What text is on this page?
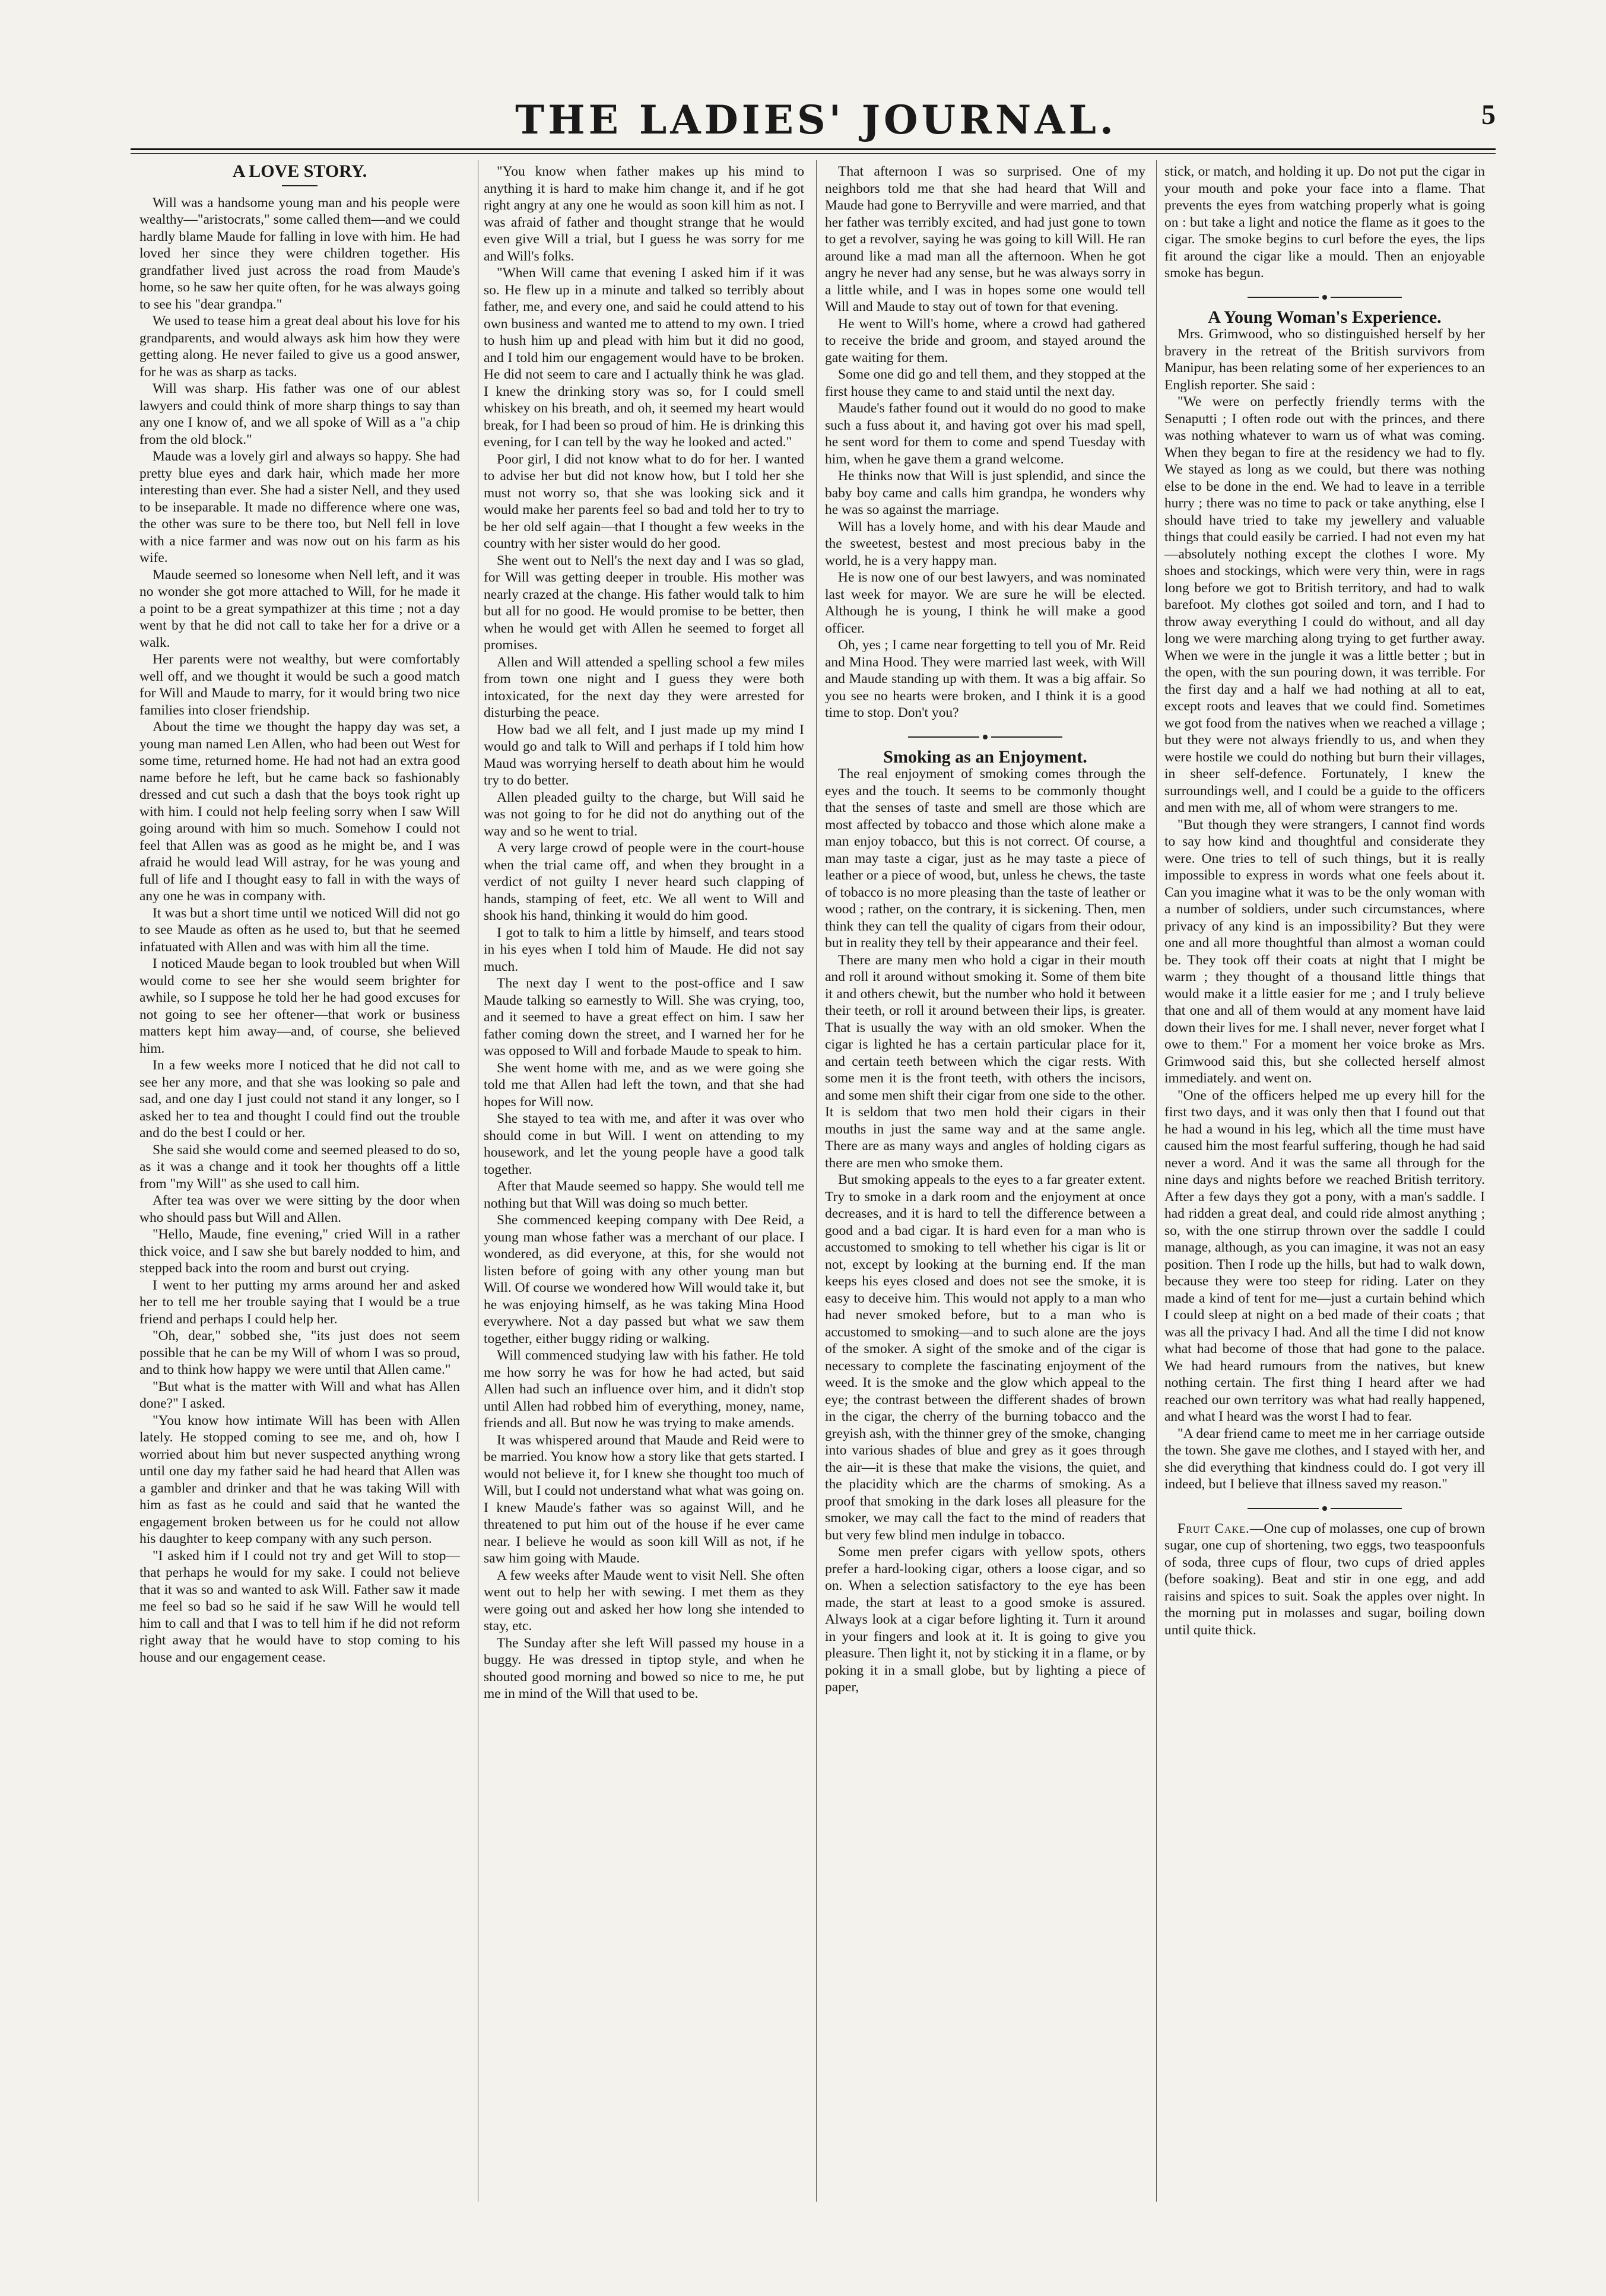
THE LADIES' JOURNAL.	5

A LOVE STORY.

Will was a handsome young man and his people were wealthy—"aristocrats," some called them—and we could hardly blame Maude for falling in love with him. He had loved her since they were children together. His grandfather lived just across the road from Maude's home, so he saw her quite often, for he was always going to see his "dear grandpa."

We used to tease him a great deal about his love for his grandparents, and would always ask him how they were getting along. He never failed to give us a good answer, for he was as sharp as tacks.

Will was sharp. His father was one of our ablest lawyers and could think of more sharp things to say than any one I know of, and we all spoke of Will as a "a chip from the old block."

Maude was a lovely girl and always so happy. She had pretty blue eyes and dark hair, which made her more interesting than ever. She had a sister Nell, and they used to be inseparable. It made no difference where one was, the other was sure to be there too, but Nell fell in love with a nice farmer and was now out on his farm as his wife.

Maude seemed so lonesome when Nell left, and it was no wonder she got more attached to Will, for he made it a point to be a great sympathizer at this time ; not a day went by that he did not call to take her for a drive or a walk.

Her parents were not wealthy, but were comfortably well off, and we thought it would be such a good match for Will and Maude to marry, for it would bring two nice families into closer friendship.

About the time we thought the happy day was set, a young man named Len Allen, who had been out West for some time, returned home. He had not had an extra good name before he left, but he came back so fashionably dressed and cut such a dash that the boys took right up with him. I could not help feeling sorry when I saw Will going around with him so much. Somehow I could not feel that Allen was as good as he might be, and I was afraid he would lead Will astray, for he was young and full of life and I thought easy to fall in with the ways of any one he was in company with.

It was but a short time until we noticed Will did not go to see Maude as often as he used to, but that he seemed infatuated with Allen and was with him all the time.

I noticed Maude began to look troubled but when Will would come to see her she would seem brighter for awhile, so I suppose he told her he had good excuses for not going to see her oftener—that work or business matters kept him away—and, of course, she believed him.

In a few weeks more I noticed that he did not call to see her any more, and that she was looking so pale and sad, and one day I just could not stand it any longer, so I asked her to tea and thought I could find out the trouble and do the best I could or her.

She said she would come and seemed pleased to do so, as it was a change and it took her thoughts off a little from "my Will" as she used to call him.

After tea was over we were sitting by the door when who should pass but Will and Allen.

"Hello, Maude, fine evening," cried Will in a rather thick voice, and I saw she but barely nodded to him, and stepped back into the room and burst out crying.

I went to her putting my arms around her and asked her to tell me her trouble saying that I would be a true friend and perhaps I could help her.

"Oh, dear," sobbed she, "its just does not seem possible that he can be my Will of whom I was so proud, and to think how happy we were until that Allen came."

"But what is the matter with Will and what has Allen done?" I asked.

"You know how intimate Will has been with Allen lately. He stopped coming to see me, and oh, how I worried about him but never suspected anything wrong until one day my father said he had heard that Allen was a gambler and drinker and that he was taking Will with him as fast as he could and said that he wanted the engagement broken between us for he could not allow his daughter to keep company with any such person.

"I asked him if I could not try and get Will to stop—that perhaps he would for my sake. I could not believe that it was so and wanted to ask Will. Father saw it made me feel so bad so he said if he saw Will he would tell him to call and that I was to tell him if he did not reform right away that he would have to stop coming to his house and our engagement cease.

"You know when father makes up his mind to anything it is hard to make him change it, and if he got right angry at any one he would as soon kill him as not. I was afraid of father and thought strange that he would even give Will a trial, but I guess he was sorry for me and Will's folks.

"When Will came that evening I asked him if it was so. He flew up in a minute and talked so terribly about father, me, and every one, and said he could attend to his own business and wanted me to attend to my own. I tried to hush him up and plead with him but it did no good, and I told him our engagement would have to be broken. He did not seem to care and I actually think he was glad. I knew the drinking story was so, for I could smell whiskey on his breath, and oh, it seemed my heart would break, for I had been so proud of him. He is drinking this evening, for I can tell by the way he looked and acted."

Poor girl, I did not know what to do for her. I wanted to advise her but did not know how, but I told her she must not worry so, that she was looking sick and it would make her parents feel so bad and told her to try to be her old self again—that I thought a few weeks in the country with her sister would do her good.

She went out to Nell's the next day and I was so glad, for Will was getting deeper in trouble. His mother was nearly crazed at the change. His father would talk to him but all for no good. He would promise to be better, then when he would get with Allen he seemed to forget all promises.

Allen and Will attended a spelling school a few miles from town one night and I guess they were both intoxicated, for the next day they were arrested for disturbing the peace.

How bad we all felt, and I just made up my mind I would go and talk to Will and perhaps if I told him how Maud was worrying herself to death about him he would try to do better.

Allen pleaded guilty to the charge, but Will said he was not going to for he did not do anything out of the way and so he went to trial.

A very large crowd of people were in the court-house when the trial came off, and when they brought in a verdict of not guilty I never heard such clapping of hands, stamping of feet, etc. We all went to Will and shook his hand, thinking it would do him good.

I got to talk to him a little by himself, and tears stood in his eyes when I told him of Maude. He did not say much.

The next day I went to the post-office and I saw Maude talking so earnestly to Will. She was crying, too, and it seemed to have a great effect on him. I saw her father coming down the street, and I warned her for he was opposed to Will and forbade Maude to speak to him.

She went home with me, and as we were going she told me that Allen had left the town, and that she had hopes for Will now.

She stayed to tea with me, and after it was over who should come in but Will. I went on attending to my housework, and let the young people have a good talk together.

After that Maude seemed so happy. She would tell me nothing but that Will was doing so much better.

She commenced keeping company with Dee Reid, a young man whose father was a merchant of our place. I wondered, as did everyone, at this, for she would not listen before of going with any other young man but Will. Of course we wondered how Will would take it, but he was enjoying himself, as he was taking Mina Hood everywhere. Not a day passed but what we saw them together, either buggy riding or walking.

Will commenced studying law with his father. He told me how sorry he was for how he had acted, but said Allen had such an influence over him, and it didn't stop until Allen had robbed him of everything, money, name, friends and all. But now he was trying to make amends.

It was whispered around that Maude and Reid were to be married. You know how a story like that gets started. I would not believe it, for I knew she thought too much of Will, but I could not understand what what was going on. I knew Maude's father was so against Will, and he threatened to put him out of the house if he ever came near. I believe he would as soon kill Will as not, if he saw him going with Maude.

A few weeks after Maude went to visit Nell. She often went out to help her with sewing. I met them as they were going out and asked her how long she intended to stay, etc.

The Sunday after she left Will passed my house in a buggy. He was dressed in tiptop style, and when he shouted good morning and bowed so nice to me, he put me in mind of the Will that used to be.

That afternoon I was so surprised. One of my neighbors told me that she had heard that Will and Maude had gone to Berryville and were married, and that her father was terribly excited, and had just gone to town to get a revolver, saying he was going to kill Will. He ran around like a mad man all the afternoon. When he got angry he never had any sense, but he was always sorry in a little while, and I was in hopes some one would tell Will and Maude to stay out of town for that evening.

He went to Will's home, where a crowd had gathered to receive the bride and groom, and stayed around the gate waiting for them.

Some one did go and tell them, and they stopped at the first house they came to and staid until the next day.

Maude's father found out it would do no good to make such a fuss about it, and having got over his mad spell, he sent word for them to come and spend Tuesday with him, when he gave them a grand welcome.

He thinks now that Will is just splendid, and since the baby boy came and calls him grandpa, he wonders why he was so against the marriage.

Will has a lovely home, and with his dear Maude and the sweetest, bestest and most precious baby in the world, he is a very happy man.

He is now one of our best lawyers, and was nominated last week for mayor. We are sure he will be elected. Although he is young, I think he will make a good officer.

Oh, yes ; I came near forgetting to tell you of Mr. Reid and Mina Hood. They were married last week, with Will and Maude standing up with them. It was a big affair. So you see no hearts were broken, and I think it is a good time to stop. Don't you?

Smoking as an Enjoyment.

The real enjoyment of smoking comes through the eyes and the touch. It seems to be commonly thought that the senses of taste and smell are those which are most affected by tobacco and those which alone make a man enjoy tobacco, but this is not correct. Of course, a man may taste a cigar, just as he may taste a piece of leather or a piece of wood, but, unless he chews, the taste of tobacco is no more pleasing than the taste of leather or wood ; rather, on the contrary, it is sickening. Then, men think they can tell the quality of cigars from their odour, but in reality they tell by their appearance and their feel.

There are many men who hold a cigar in their mouth and roll it around without smoking it. Some of them bite it and others chewit, but the number who hold it between their teeth, or roll it around between their lips, is greater. That is usually the way with an old smoker. When the cigar is lighted he has a certain particular place for it, and certain teeth between which the cigar rests. With some men it is the front teeth, with others the incisors, and some men shift their cigar from one side to the other. It is seldom that two men hold their cigars in their mouths in just the same way and at the same angle. There are as many ways and angles of holding cigars as there are men who smoke them.

But smoking appeals to the eyes to a far greater extent. Try to smoke in a dark room and the enjoyment at once decreases, and it is hard to tell the difference between a good and a bad cigar. It is hard even for a man who is accustomed to smoking to tell whether his cigar is lit or not, except by looking at the burning end. If the man keeps his eyes closed and does not see the smoke, it is easy to deceive him. This would not apply to a man who had never smoked before, but to a man who is accustomed to smoking—and to such alone are the joys of the smoker. A sight of the smoke and of the cigar is necessary to complete the fascinating enjoyment of the weed. It is the smoke and the glow which appeal to the eye; the contrast between the different shades of brown in the cigar, the cherry of the burning tobacco and the greyish ash, with the thinner grey of the smoke, changing into various shades of blue and grey as it goes through the air—it is these that make the visions, the quiet, and the placidity which are the charms of smoking. As a proof that smoking in the dark loses all pleasure for the smoker, we may call the fact to the mind of readers that but very few blind men indulge in tobacco.

Some men prefer cigars with yellow spots, others prefer a hard-looking cigar, others a loose cigar, and so on. When a selection satisfactory to the eye has been made, the start at least to a good smoke is assured. Always look at a cigar before lighting it. Turn it around in your fingers and look at it. It is going to give you pleasure. Then light it, not by sticking it in a flame, or by poking it in a small globe, but by lighting a piece of paper,

stick, or match, and holding it up. Do not put the cigar in your mouth and poke your face into a flame. That prevents the eyes from watching properly what is going on : but take a light and notice the flame as it goes to the cigar. The smoke begins to curl before the eyes, the lips fit around the cigar like a mould. Then an enjoyable smoke has begun.

A Young Woman's Experience.

Mrs. Grimwood, who so distinguished herself by her bravery in the retreat of the British survivors from Manipur, has been relating some of her experiences to an English reporter. She said :

"We were on perfectly friendly terms with the Senaputti ; I often rode out with the princes, and there was nothing whatever to warn us of what was coming. When they began to fire at the residency we had to fly. We stayed as long as we could, but there was nothing else to be done in the end. We had to leave in a terrible hurry ; there was no time to pack or take anything, else I should have tried to take my jewellery and valuable things that could easily be carried. I had not even my hat—absolutely nothing except the clothes I wore. My shoes and stockings, which were very thin, were in rags long before we got to British territory, and had to walk barefoot. My clothes got soiled and torn, and I had to throw away everything I could do without, and all day long we were marching along trying to get further away. When we were in the jungle it was a little better ; but in the open, with the sun pouring down, it was terrible. For the first day and a half we had nothing at all to eat, except roots and leaves that we could find. Sometimes we got food from the natives when we reached a village ; but they were not always friendly to us, and when they were hostile we could do nothing but burn their villages, in sheer self-defence. Fortunately, I knew the surroundings well, and I could be a guide to the officers and men with me, all of whom were strangers to me.

"But though they were strangers, I cannot find words to say how kind and thoughtful and considerate they were. One tries to tell of such things, but it is really impossible to express in words what one feels about it. Can you imagine what it was to be the only woman with a number of soldiers, under such circumstances, where privacy of any kind is an impossibility? But they were one and all more thoughtful than almost a woman could be. They took off their coats at night that I might be warm ; they thought of a thousand little things that would make it a little easier for me ; and I truly believe that one and all of them would at any moment have laid down their lives for me. I shall never, never forget what I owe to them." For a moment her voice broke as Mrs. Grimwood said this, but she collected herself almost immediately. and went on.

"One of the officers helped me up every hill for the first two days, and it was only then that I found out that he had a wound in his leg, which all the time must have caused him the most fearful suffering, though he had said never a word. And it was the same all through for the nine days and nights before we reached British territory. After a few days they got a pony, with a man's saddle. I had ridden a great deal, and could ride almost anything ; so, with the one stirrup thrown over the saddle I could manage, although, as you can imagine, it was not an easy position. Then I rode up the hills, but had to walk down, because they were too steep for riding. Later on they made a kind of tent for me—just a curtain behind which I could sleep at night on a bed made of their coats ; that was all the privacy I had. And all the time I did not know what had become of those that had gone to the palace. We had heard rumours from the natives, but knew nothing certain. The first thing I heard after we had reached our own territory was what had really happened, and what I heard was the worst I had to fear.

"A dear friend came to meet me in her carriage outside the town. She gave me clothes, and I stayed with her, and she did everything that kindness could do. I got very ill indeed, but I believe that illness saved my reason."

Fruit Cake.—One cup of molasses, one cup of brown sugar, one cup of shortening, two eggs, two teaspoonfuls of soda, three cups of flour, two cups of dried apples (before soaking). Beat and stir in one egg, and add raisins and spices to suit. Soak the apples over night. In the morning put in molasses and sugar, boiling down until quite thick.
